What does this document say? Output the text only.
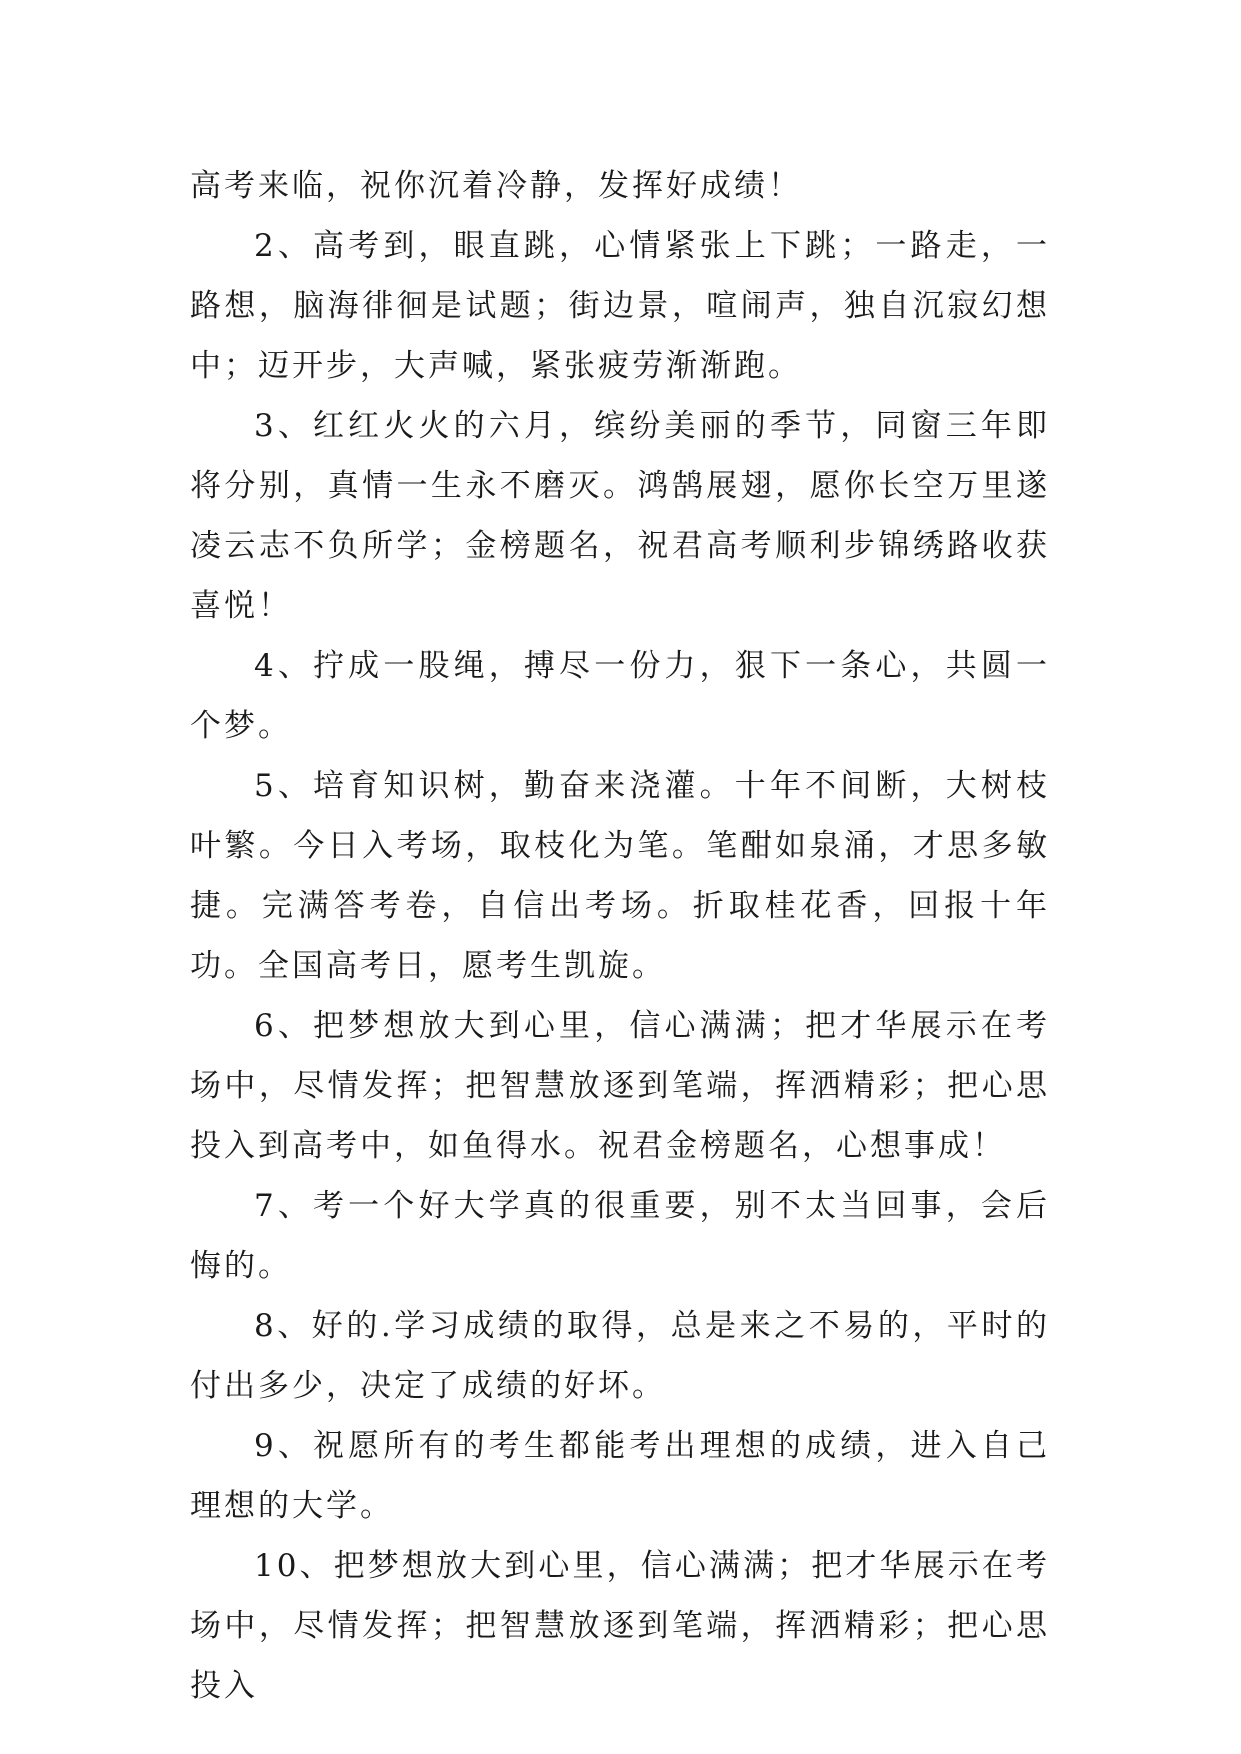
高考来临，祝你沉着冷静，发挥好成绩！

2、高考到，眼直跳，心情紧张上下跳；一路走，一路想，脑海徘徊是试题；街边景，喧闹声，独自沉寂幻想中；迈开步，大声喊，紧张疲劳渐渐跑。

3、红红火火的六月，缤纷美丽的季节，同窗三年即将分别，真情一生永不磨灭。鸿鹄展翅，愿你长空万里遂凌云志不负所学；金榜题名，祝君高考顺利步锦绣路收获喜悦！

4、拧成一股绳，搏尽一份力，狠下一条心，共圆一个梦。

5、培育知识树，勤奋来浇灌。十年不间断，大树枝叶繁。今日入考场，取枝化为笔。笔酣如泉涌，才思多敏捷。完满答考卷，自信出考场。折取桂花香，回报十年功。全国高考日，愿考生凯旋。

6、把梦想放大到心里，信心满满；把才华展示在考场中，尽情发挥；把智慧放逐到笔端，挥洒精彩；把心思投入到高考中，如鱼得水。祝君金榜题名，心想事成！

7、考一个好大学真的很重要，别不太当回事，会后悔的。

8、好的.学习成绩的取得，总是来之不易的，平时的付出多少，决定了成绩的好坏。

9、祝愿所有的考生都能考出理想的成绩，进入自己理想的大学。

10、把梦想放大到心里，信心满满；把才华展示在考场中，尽情发挥；把智慧放逐到笔端，挥洒精彩；把心思投入
